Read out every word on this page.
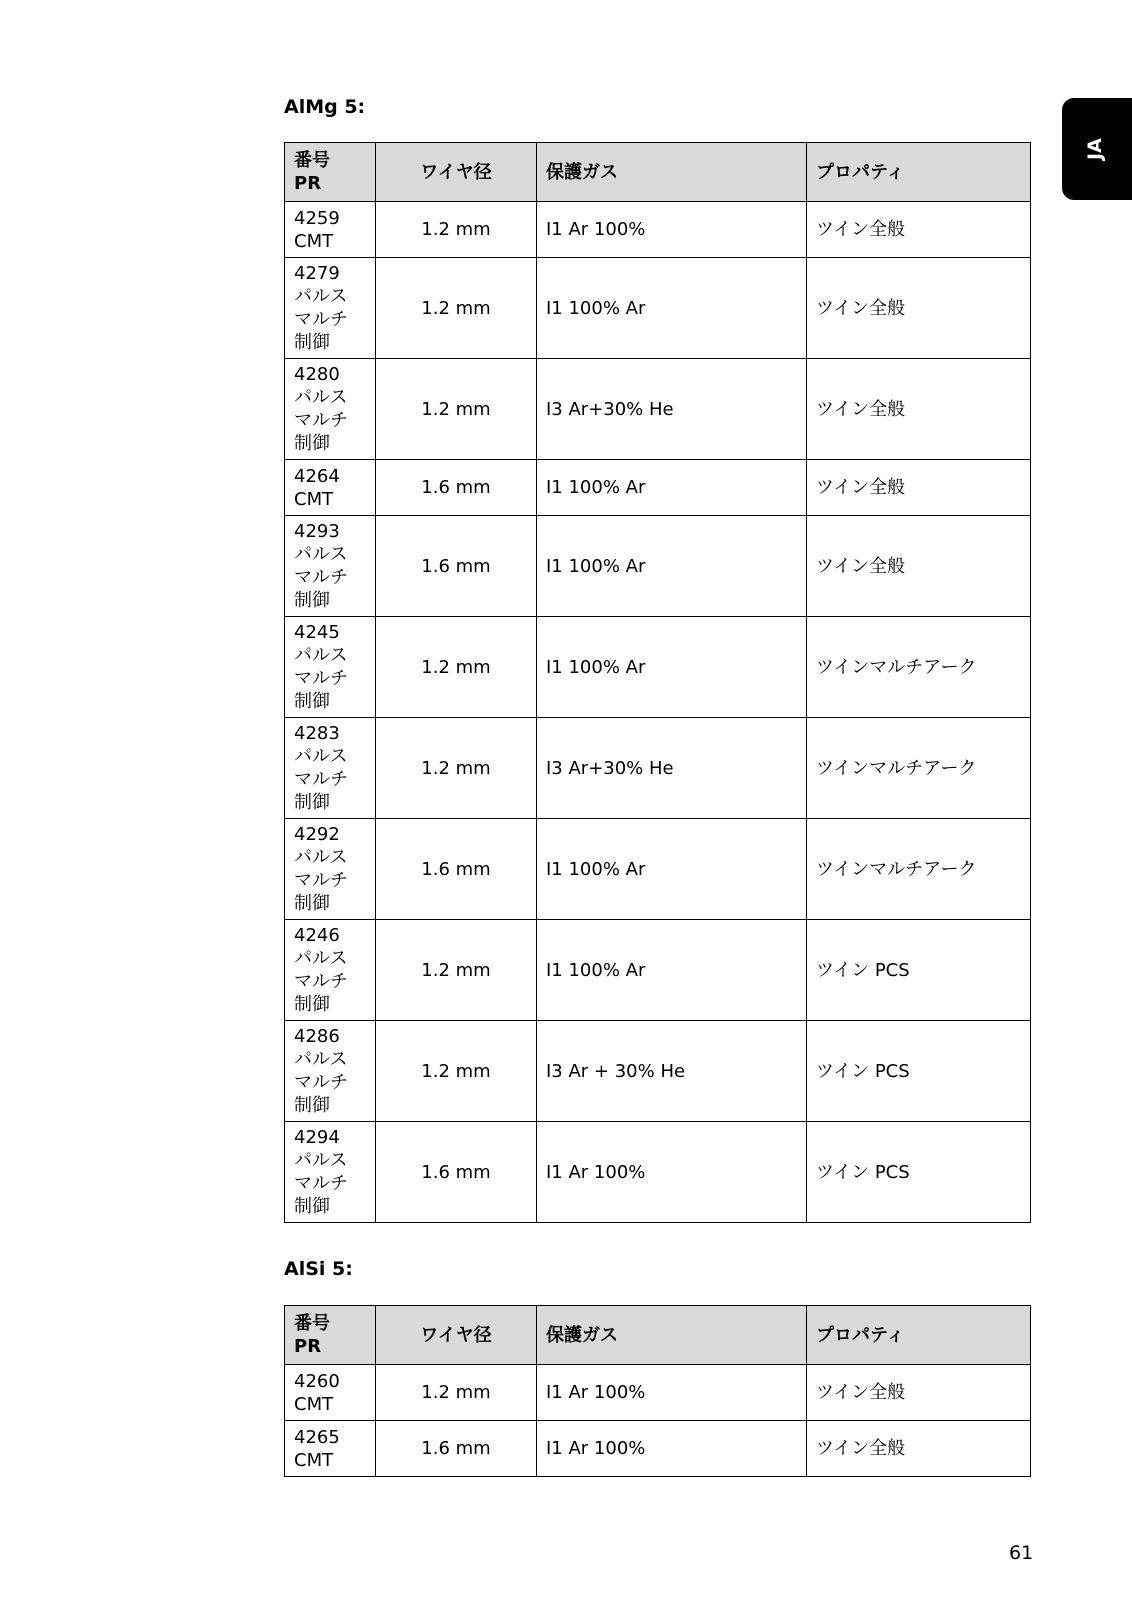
JA
AlMg 5:
番号
PR	ワイヤ径	保護ガス	プロパティ
4259
CMT	1.2 mm	I1 Ar 100%	ツイン全般
4279
パルス
マルチ
制御	1.2 mm	I1 100% Ar	ツイン全般
4280
パルス
マルチ
制御	1.2 mm	I3 Ar+30% He	ツイン全般
4264
CMT	1.6 mm	I1 100% Ar	ツイン全般
4293
パルス
マルチ
制御	1.6 mm	I1 100% Ar	ツイン全般
4245
パルス
マルチ
制御	1.2 mm	I1 100% Ar	ツインマルチアーク
4283
パルス
マルチ
制御	1.2 mm	I3 Ar+30% He	ツインマルチアーク
4292
パルス
マルチ
制御	1.6 mm	I1 100% Ar	ツインマルチアーク
4246
パルス
マルチ
制御	1.2 mm	I1 100% Ar	ツイン PCS
4286
パルス
マルチ
制御	1.2 mm	I3 Ar + 30% He	ツイン PCS
4294
パルス
マルチ
制御	1.6 mm	I1 Ar 100%	ツイン PCS
AlSi 5:
番号
PR	ワイヤ径	保護ガス	プロパティ
4260
CMT	1.2 mm	I1 Ar 100%	ツイン全般
4265
CMT	1.6 mm	I1 Ar 100%	ツイン全般
61
